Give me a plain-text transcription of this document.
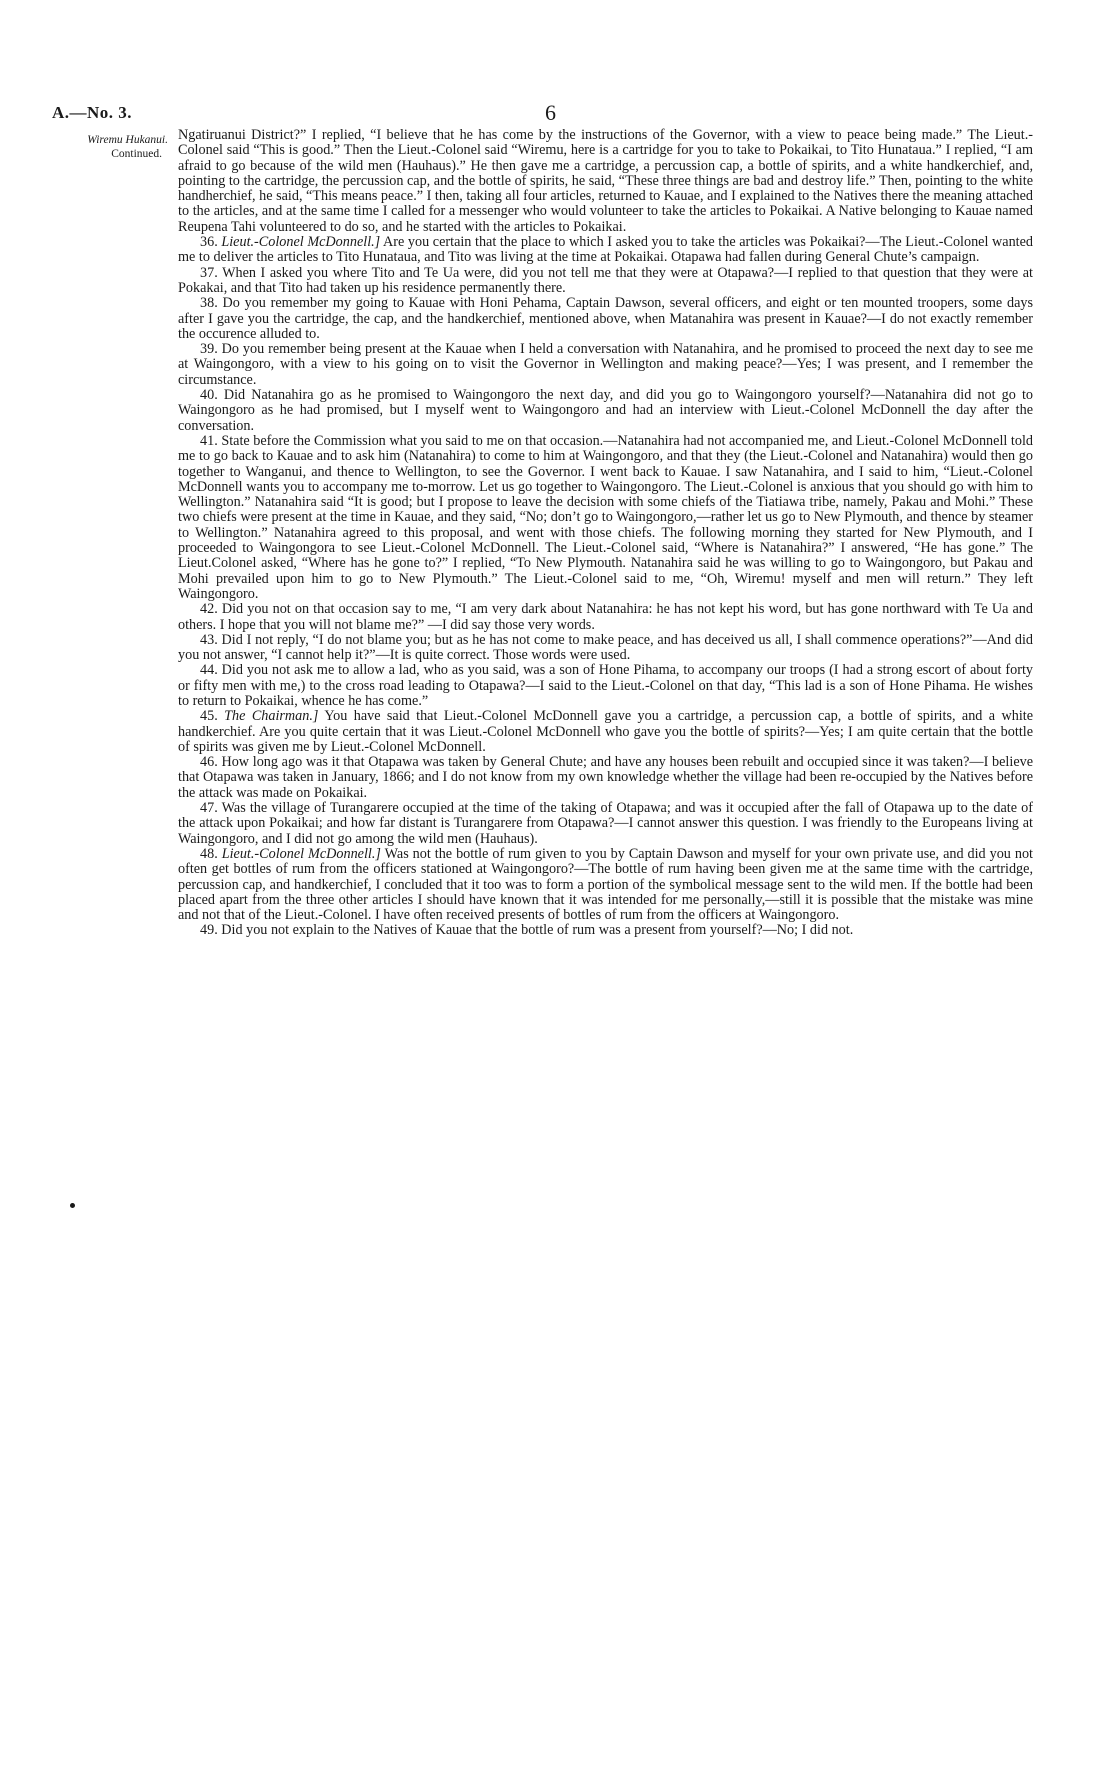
A.—No. 3.	6
Wiremu Hukanui.
Continued.

Ngatiruanui District?” I replied, “I believe that he has come by the instructions of the Governor, with a view to peace being made.” The Lieut.-Colonel said “This is good.” Then the Lieut.-Colonel said “Wiremu, here is a cartridge for you to take to Pokaikai, to Tito Hunataua.” I replied, “I am afraid to go because of the wild men (Hauhaus).” He then gave me a cartridge, a percussion cap, a bottle of spirits, and a white handkerchief, and, pointing to the cartridge, the percussion cap, and the bottle of spirits, he said, “These three things are bad and destroy life.” Then, pointing to the white handherchief, he said, “This means peace.” I then, taking all four articles, returned to Kauae, and I explained to the Natives there the meaning attached to the articles, and at the same time I called for a messenger who would volunteer to take the articles to Pokaikai. A Native belonging to Kauae named Reupena Tahi volunteered to do so, and he started with the articles to Pokaikai.

36. Lieut.-Colonel McDonnell.] Are you certain that the place to which I asked you to take the articles was Pokaikai?—The Lieut.-Colonel wanted me to deliver the articles to Tito Hunataua, and Tito was living at the time at Pokaikai. Otapawa had fallen during General Chute’s campaign.

37. When I asked you where Tito and Te Ua were, did you not tell me that they were at Otapawa?—I replied to that question that they were at Pokakai, and that Tito had taken up his residence permanently there.

38. Do you remember my going to Kauae with Honi Pehama, Captain Dawson, several officers, and eight or ten mounted troopers, some days after I gave you the cartridge, the cap, and the handkerchief, mentioned above, when Matanahira was present in Kauae?—I do not exactly remember the occurence alluded to.

39. Do you remember being present at the Kauae when I held a conversation with Natanahira, and he promised to proceed the next day to see me at Waingongoro, with a view to his going on to visit the Governor in Wellington and making peace?—Yes; I was present, and I remember the circumstance.

40. Did Natanahira go as he promised to Waingongoro the next day, and did you go to Waingongoro yourself?—Natanahira did not go to Waingongoro as he had promised, but I myself went to Waingongoro and had an interview with Lieut.-Colonel McDonnell the day after the conversation.

41. State before the Commission what you said to me on that occasion.—Natanahira had not accompanied me, and Lieut.-Colonel McDonnell told me to go back to Kauae and to ask him (Natanahira) to come to him at Waingongoro, and that they (the Lieut.-Colonel and Natanahira) would then go together to Wanganui, and thence to Wellington, to see the Governor. I went back to Kauae. I saw Natanahira, and I said to him, “Lieut.-Colonel McDonnell wants you to accompany me to-morrow. Let us go together to Waingongoro. The Lieut.-Colonel is anxious that you should go with him to Wellington.” Natanahira said “It is good; but I propose to leave the decision with some chiefs of the Tiatiawa tribe, namely, Pakau and Mohi.” These two chiefs were present at the time in Kauae, and they said, “No; don’t go to Waingongoro,—rather let us go to New Plymouth, and thence by steamer to Wellington.” Natanahira agreed to this proposal, and went with those chiefs. The following morning they started for New Plymouth, and I proceeded to Waingongora to see Lieut.-Colonel McDonnell. The Lieut.-Colonel said, “Where is Natanahira?” I answered, “He has gone.” The Lieut.Colonel asked, “Where has he gone to?” I replied, “To New Plymouth. Natanahira said he was willing to go to Waingongoro, but Pakau and Mohi prevailed upon him to go to New Plymouth.” The Lieut.-Colonel said to me, “Oh, Wiremu! myself and men will return.” They left Waingongoro.

42. Did you not on that occasion say to me, “I am very dark about Natanahira: he has not kept his word, but has gone northward with Te Ua and others. I hope that you will not blame me?” —I did say those very words.

43. Did I not reply, “I do not blame you; but as he has not come to make peace, and has deceived us all, I shall commence operations?”—And did you not answer, “I cannot help it?”—It is quite correct. Those words were used.

44. Did you not ask me to allow a lad, who as you said, was a son of Hone Pihama, to accompany our troops (I had a strong escort of about forty or fifty men with me,) to the cross road leading to Otapawa?—I said to the Lieut.-Colonel on that day, “This lad is a son of Hone Pihama. He wishes to return to Pokaikai, whence he has come.”

45. The Chairman.] You have said that Lieut.-Colonel McDonnell gave you a cartridge, a percussion cap, a bottle of spirits, and a white handkerchief. Are you quite certain that it was Lieut.-Colonel McDonnell who gave you the bottle of spirits?—Yes; I am quite certain that the bottle of spirits was given me by Lieut.-Colonel McDonnell.

46. How long ago was it that Otapawa was taken by General Chute; and have any houses been rebuilt and occupied since it was taken?—I believe that Otapawa was taken in January, 1866; and I do not know from my own knowledge whether the village had been re-occupied by the Natives before the attack was made on Pokaikai.

47. Was the village of Turangarere occupied at the time of the taking of Otapawa; and was it occupied after the fall of Otapawa up to the date of the attack upon Pokaikai; and how far distant is Turangarere from Otapawa?—I cannot answer this question. I was friendly to the Europeans living at Waingongoro, and I did not go among the wild men (Hauhaus).

48. Lieut.-Colonel McDonnell.] Was not the bottle of rum given to you by Captain Dawson and myself for your own private use, and did you not often get bottles of rum from the officers stationed at Waingongoro?—The bottle of rum having been given me at the same time with the cartridge, percussion cap, and handkerchief, I concluded that it too was to form a portion of the symbolical message sent to the wild men. If the bottle had been placed apart from the three other articles I should have known that it was intended for me personally,—still it is possible that the mistake was mine and not that of the Lieut.-Colonel. I have often received presents of bottles of rum from the officers at Waingongoro.

49. Did you not explain to the Natives of Kauae that the bottle of rum was a present from yourself?—No; I did not.
